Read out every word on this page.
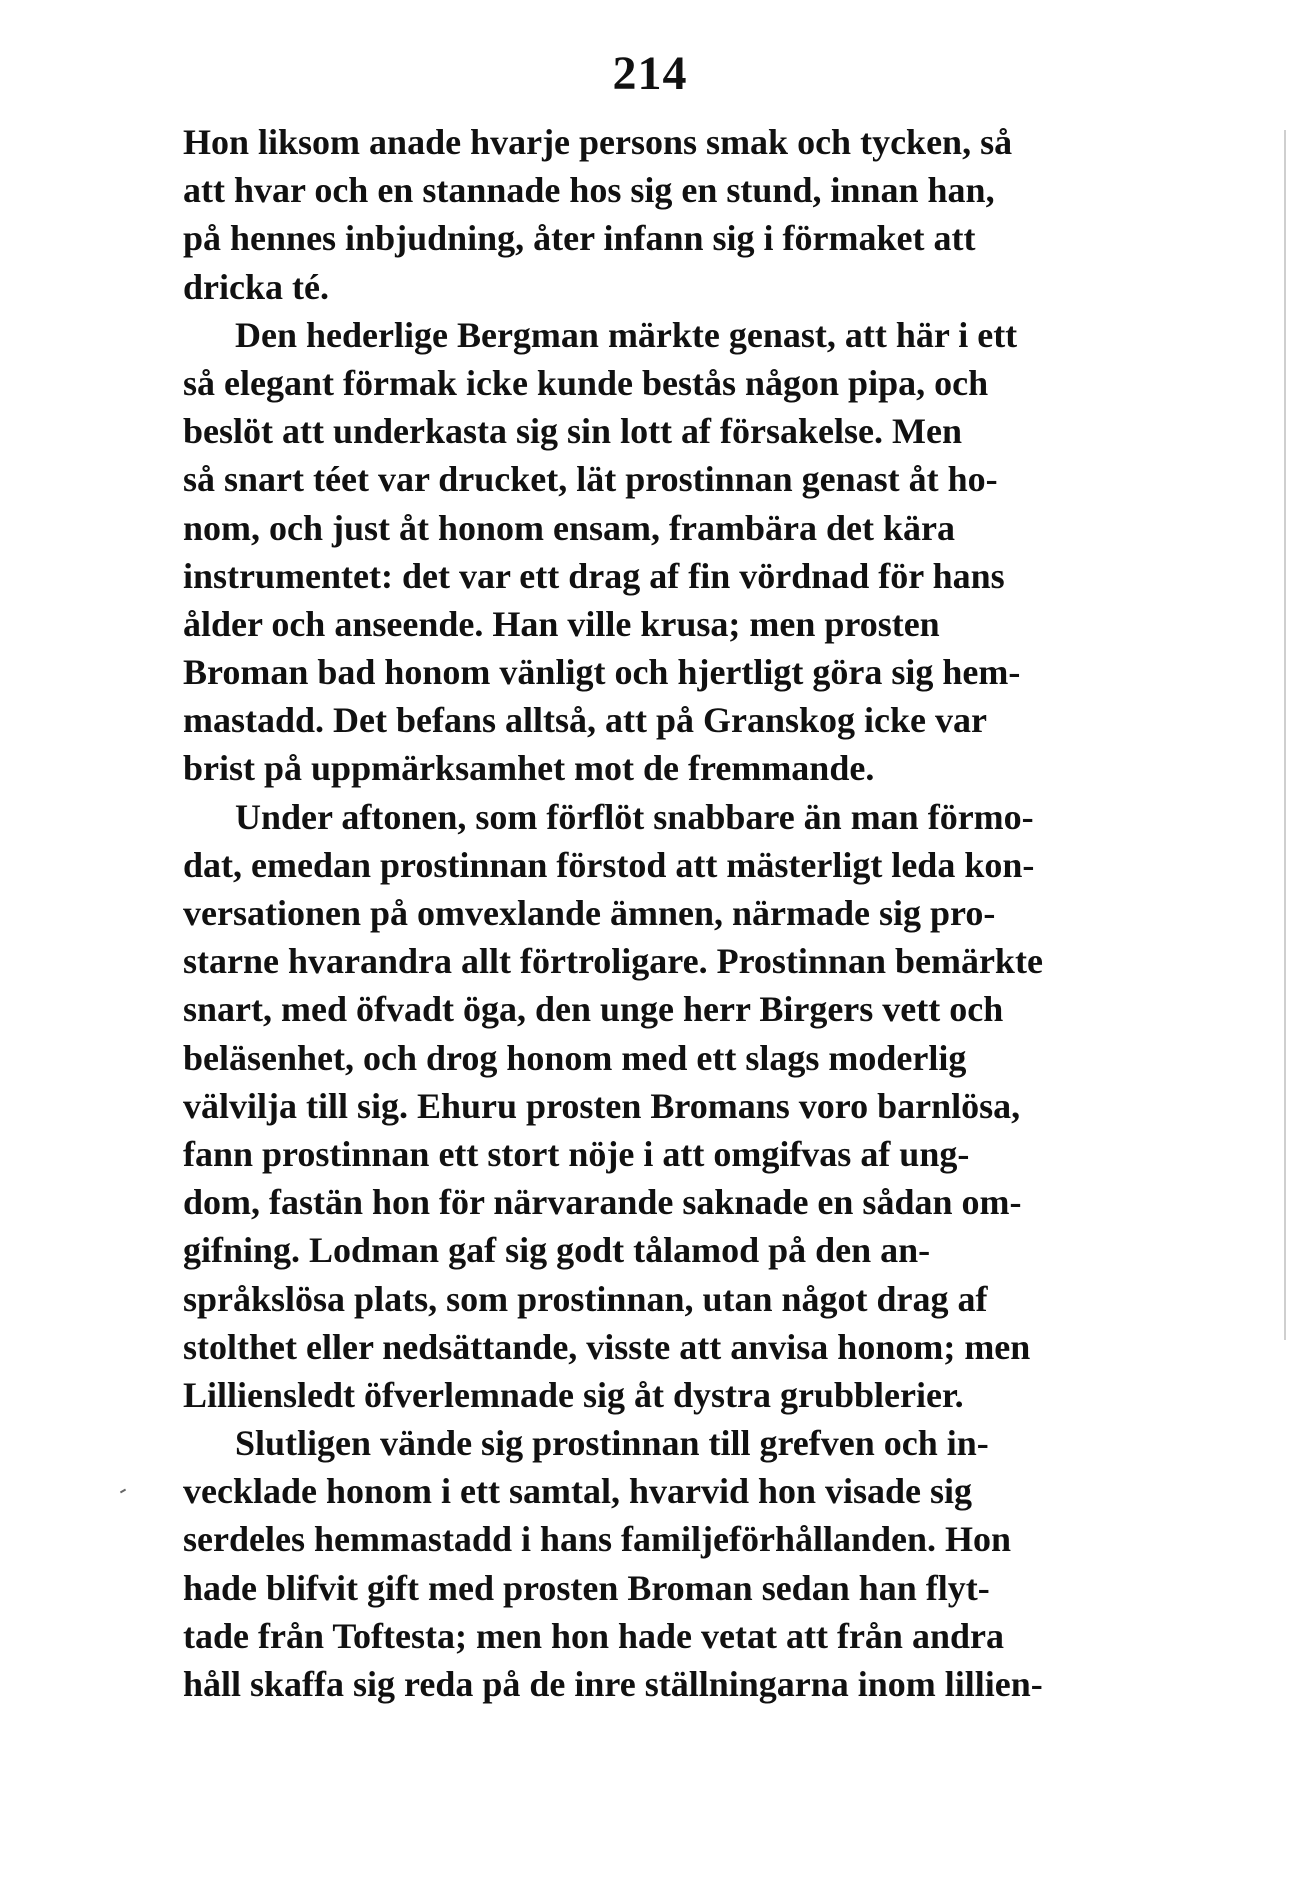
214
Hon liksom anade hvarje persons smak och tycken, så
att hvar och en stannade hos sig en stund, innan han,
på hennes inbjudning, åter infann sig i förmaket att
dricka té.
Den hederlige Bergman märkte genast, att här i ett
så elegant förmak icke kunde bestås någon pipa, och
beslöt att underkasta sig sin lott af försakelse. Men
så snart téet var drucket, lät prostinnan genast åt ho-
nom, och just åt honom ensam, frambära det kära
instrumentet: det var ett drag af fin vördnad för hans
ålder och anseende. Han ville krusa; men prosten
Broman bad honom vänligt och hjertligt göra sig hem-
mastadd. Det befans alltså, att på Granskog icke var
brist på uppmärksamhet mot de fremmande.
Under aftonen, som förflöt snabbare än man förmo-
dat, emedan prostinnan förstod att mästerligt leda kon-
versationen på omvexlande ämnen, närmade sig pro-
starne hvarandra allt förtroligare. Prostinnan bemärkte
snart, med öfvadt öga, den unge herr Birgers vett och
beläsenhet, och drog honom med ett slags moderlig
välvilja till sig. Ehuru prosten Bromans voro barnlösa,
fann prostinnan ett stort nöje i att omgifvas af ung-
dom, fastän hon för närvarande saknade en sådan om-
gifning. Lodman gaf sig godt tålamod på den an-
språkslösa plats, som prostinnan, utan något drag af
stolthet eller nedsättande, visste att anvisa honom; men
Lilliensledt öfverlemnade sig åt dystra grubblerier.
Slutligen vände sig prostinnan till grefven och in-
vecklade honom i ett samtal, hvarvid hon visade sig
serdeles hemmastadd i hans familjeförhållanden. Hon
hade blifvit gift med prosten Broman sedan han flyt-
tade från Toftesta; men hon hade vetat att från andra
håll skaffa sig reda på de inre ställningarna inom lillien-
